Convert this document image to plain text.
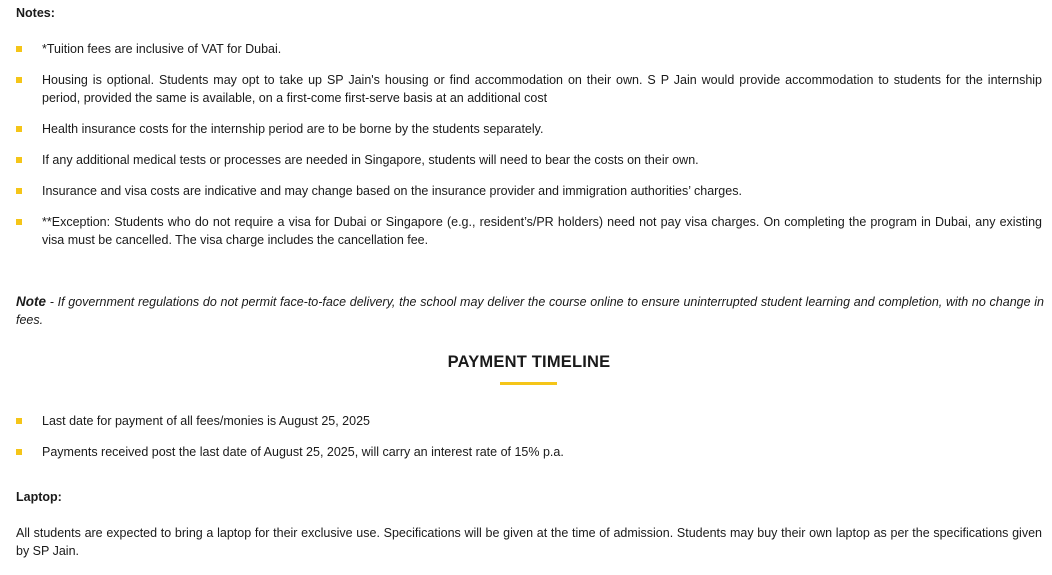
Notes:

*Tuition fees are inclusive of VAT for Dubai.
Housing is optional. Students may opt to take up SP Jain's housing or find accommodation on their own. S P Jain would provide accommodation to students for the internship period, provided the same is available, on a first-come first-serve basis at an additional cost
Health insurance costs for the internship period are to be borne by the students separately.
If any additional medical tests or processes are needed in Singapore, students will need to bear the costs on their own.
Insurance and visa costs are indicative and may change based on the insurance provider and immigration authorities’ charges.
**Exception: Students who do not require a visa for Dubai or Singapore (e.g., resident’s/PR holders) need not pay visa charges. On completing the program in Dubai, any existing visa must be cancelled. The visa charge includes the cancellation fee.

Note - If government regulations do not permit face-to-face delivery, the school may deliver the course online to ensure uninterrupted student learning and completion, with no change in fees.

PAYMENT TIMELINE
Last date for payment of all fees/monies is August 25, 2025
Payments received post the last date of August 25, 2025, will carry an interest rate of 15% p.a.

Laptop:

All students are expected to bring a laptop for their exclusive use. Specifications will be given at the time of admission. Students may buy their own laptop as per the specifications given by SP Jain.
